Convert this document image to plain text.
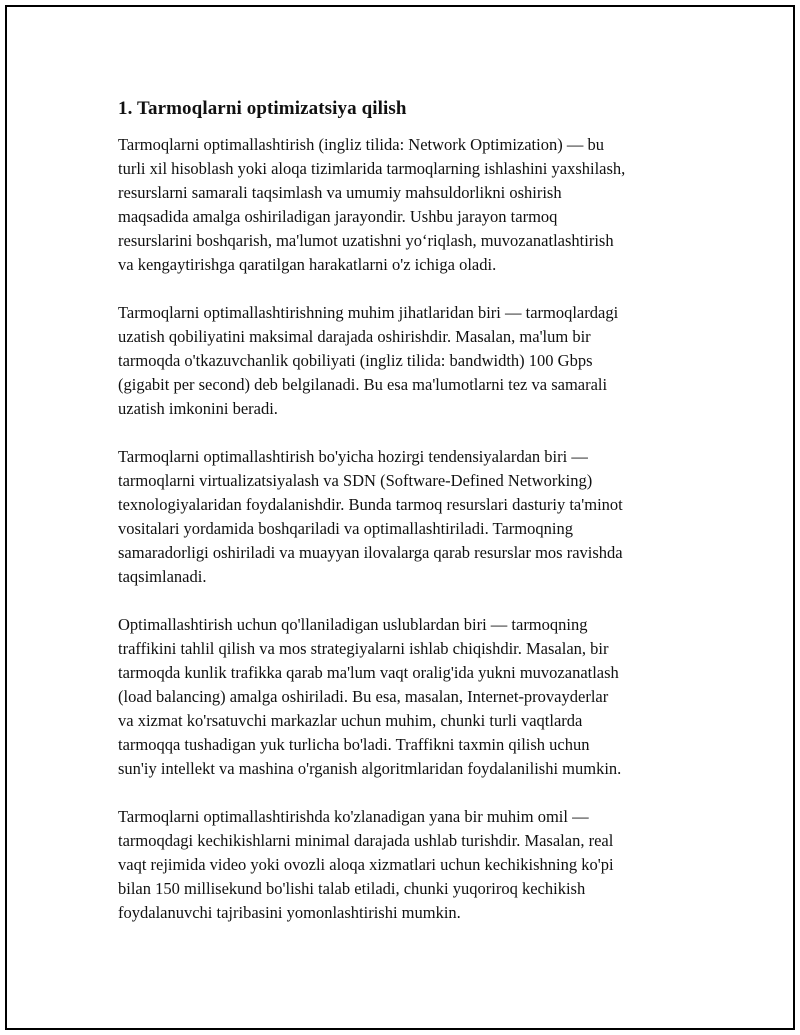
1. Tarmoqlarni optimizatsiya qilish

Tarmoqlarni optimallashtirish (ingliz tilida: Network Optimization) — bu
turli xil hisoblash yoki aloqa tizimlarida tarmoqlarning ishlashini yaxshilash,
resurslarni samarali taqsimlash va umumiy mahsuldorlikni oshirish
maqsadida amalga oshiriladigan jarayondir. Ushbu jarayon tarmoq
resurslarini boshqarish, ma'lumot uzatishni yo‘riqlash, muvozanatlashtirish
va kengaytirishga qaratilgan harakatlarni o'z ichiga oladi.

Tarmoqlarni optimallashtirishning muhim jihatlaridan biri — tarmoqlardagi
uzatish qobiliyatini maksimal darajada oshirishdir. Masalan, ma'lum bir
tarmoqda o'tkazuvchanlik qobiliyati (ingliz tilida: bandwidth) 100 Gbps
(gigabit per second) deb belgilanadi. Bu esa ma'lumotlarni tez va samarali
uzatish imkonini beradi.

Tarmoqlarni optimallashtirish bo'yicha hozirgi tendensiyalardan biri —
tarmoqlarni virtualizatsiyalash va SDN (Software-Defined Networking)
texnologiyalaridan foydalanishdir. Bunda tarmoq resurslari dasturiy ta'minot
vositalari yordamida boshqariladi va optimallashtiriladi. Tarmoqning
samaradorligi oshiriladi va muayyan ilovalarga qarab resurslar mos ravishda
taqsimlanadi.

Optimallashtirish uchun qo'llaniladigan uslublardan biri — tarmoqning
traffikini tahlil qilish va mos strategiyalarni ishlab chiqishdir. Masalan, bir
tarmoqda kunlik trafikka qarab ma'lum vaqt oralig'ida yukni muvozanatlash
(load balancing) amalga oshiriladi. Bu esa, masalan, Internet-provayderlar
va xizmat ko'rsatuvchi markazlar uchun muhim, chunki turli vaqtlarda
tarmoqqa tushadigan yuk turlicha bo'ladi. Traffikni taxmin qilish uchun
sun'iy intellekt va mashina o'rganish algoritmlaridan foydalanilishi mumkin.

Tarmoqlarni optimallashtirishda ko'zlanadigan yana bir muhim omil —
tarmoqdagi kechikishlarni minimal darajada ushlab turishdir. Masalan, real
vaqt rejimida video yoki ovozli aloqa xizmatlari uchun kechikishning ko'pi
bilan 150 millisekund bo'lishi talab etiladi, chunki yuqoriroq kechikish
foydalanuvchi tajribasini yomonlashtirishi mumkin.
